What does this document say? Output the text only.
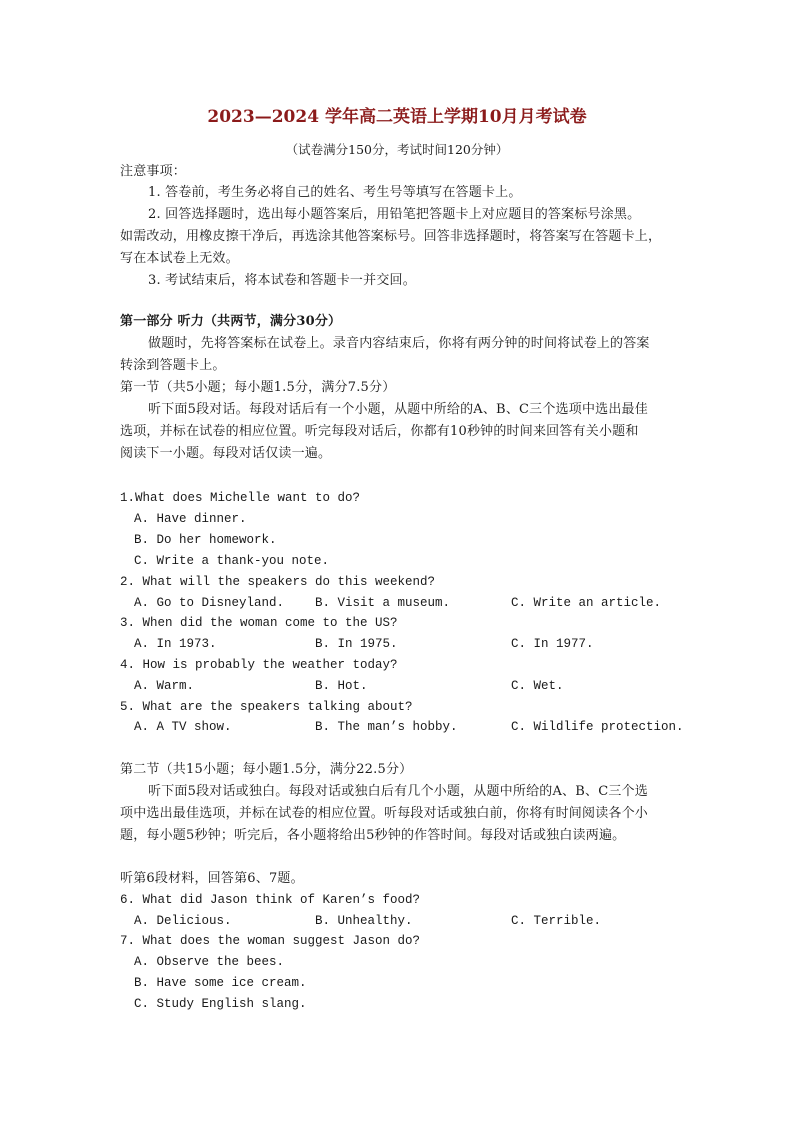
2023—2024 学年高二英语上学期10月月考试卷
（试卷满分150分，考试时间120分钟）
注意事项：
1. 答卷前，考生务必将自己的姓名、考生号等填写在答题卡上。
2. 回答选择题时，选出每小题答案后，用铅笔把答题卡上对应题目的答案标号涂黑。
如需改动，用橡皮擦干净后，再选涂其他答案标号。回答非选择题时，将答案写在答题卡上，
写在本试卷上无效。
3. 考试结束后，将本试卷和答题卡一并交回。
第一部分 听力（共两节，满分30分）
做题时，先将答案标在试卷上。录音内容结束后，你将有两分钟的时间将试卷上的答案
转涂到答题卡上。
第一节（共5小题；每小题1.5分，满分7.5分）
听下面5段对话。每段对话后有一个小题，从题中所给的A、B、C三个选项中选出最佳
选项，并标在试卷的相应位置。听完每段对话后，你都有10秒钟的时间来回答有关小题和
阅读下一小题。每段对话仅读一遍。
1.What does Michelle want to do?
A. Have dinner.
B. Do her homework.
C. Write a thank-you note.
2. What will the speakers do this weekend?
A. Go to Disneyland. B. Visit a museum.	C. Write an article.
3. When did the woman come to the US?
A. In 1973.	B. In 1975.	C. In 1977.
4. How is probably the weather today?
A. Warm.	B. Hot.	C. Wet.
5. What are the speakers talking about?
A. A TV show.	B. The man’s hobby.	C. Wildlife protection.
第二节（共15小题；每小题1.5分，满分22.5分）
听下面5段对话或独白。每段对话或独白后有几个小题，从题中所给的A、B、C三个选
项中选出最佳选项，并标在试卷的相应位置。听每段对话或独白前，你将有时间阅读各个小
题，每小题5秒钟；听完后，各小题将给出5秒钟的作答时间。每段对话或独白读两遍。
听第6段材料，回答第6、7题。
6. What did Jason think of Karen’s food?
A. Delicious.	B. Unhealthy.	C. Terrible.
7. What does the woman suggest Jason do?
A. Observe the bees.
B. Have some ice cream.
C. Study English slang.
